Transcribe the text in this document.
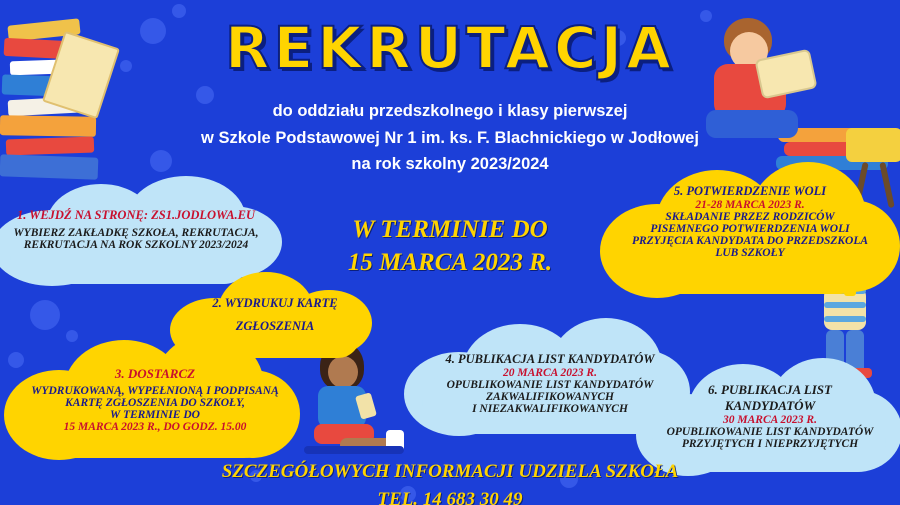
REKRUTACJA
do oddziału przedszkolnego i klasy pierwszej
w Szkole Podstawowej Nr 1 im. ks. F. Blachnickiego w Jodłowej
na rok szkolny 2023/2024
1. WEJDŹ NA STRONĘ: ZS1.JODLOWA.EU
WYBIERZ ZAKŁADKĘ SZKOŁA, REKRUTACJA,
REKRUTACJA NA ROK SZKOLNY 2023/2024
2. WYDRUKUJ KARTĘ
ZGŁOSZENIA
3. DOSTARCZ
WYDRUKOWANĄ, WYPEŁNIONĄ I PODPISANĄ
KARTĘ ZGŁOSZENIA DO SZKOŁY,
W TERMINIE DO
15 MARCA 2023 R., DO GODZ. 15.00
4. PUBLIKACJA LIST KANDYDATÓW
20 MARCA 2023 R.
OPUBLIKOWANIE LIST KANDYDATÓW
ZAKWALIFIKOWANYCH
I NIEZAKWALIFIKOWANYCH
5. POTWIERDZENIE WOLI
21-28 MARCA 2023 R.
SKŁADANIE PRZEZ RODZICÓW
PISEMNEGO POTWIERDZENIA WOLI
PRZYJĘCIA KANDYDATA DO PRZEDSZKOLA
LUB SZKOŁY
6. PUBLIKACJA LIST
KANDYDATÓW
30 MARCA 2023 R.
OPUBLIKOWANIE LIST KANDYDATÓW
PRZYJĘTYCH I NIEPRZYJĘTYCH
W TERMINIE DO
15 MARCA 2023 R.
SZCZEGÓŁOWYCH INFORMACJI UDZIELA SZKOŁA
TEL. 14 683 30 49
